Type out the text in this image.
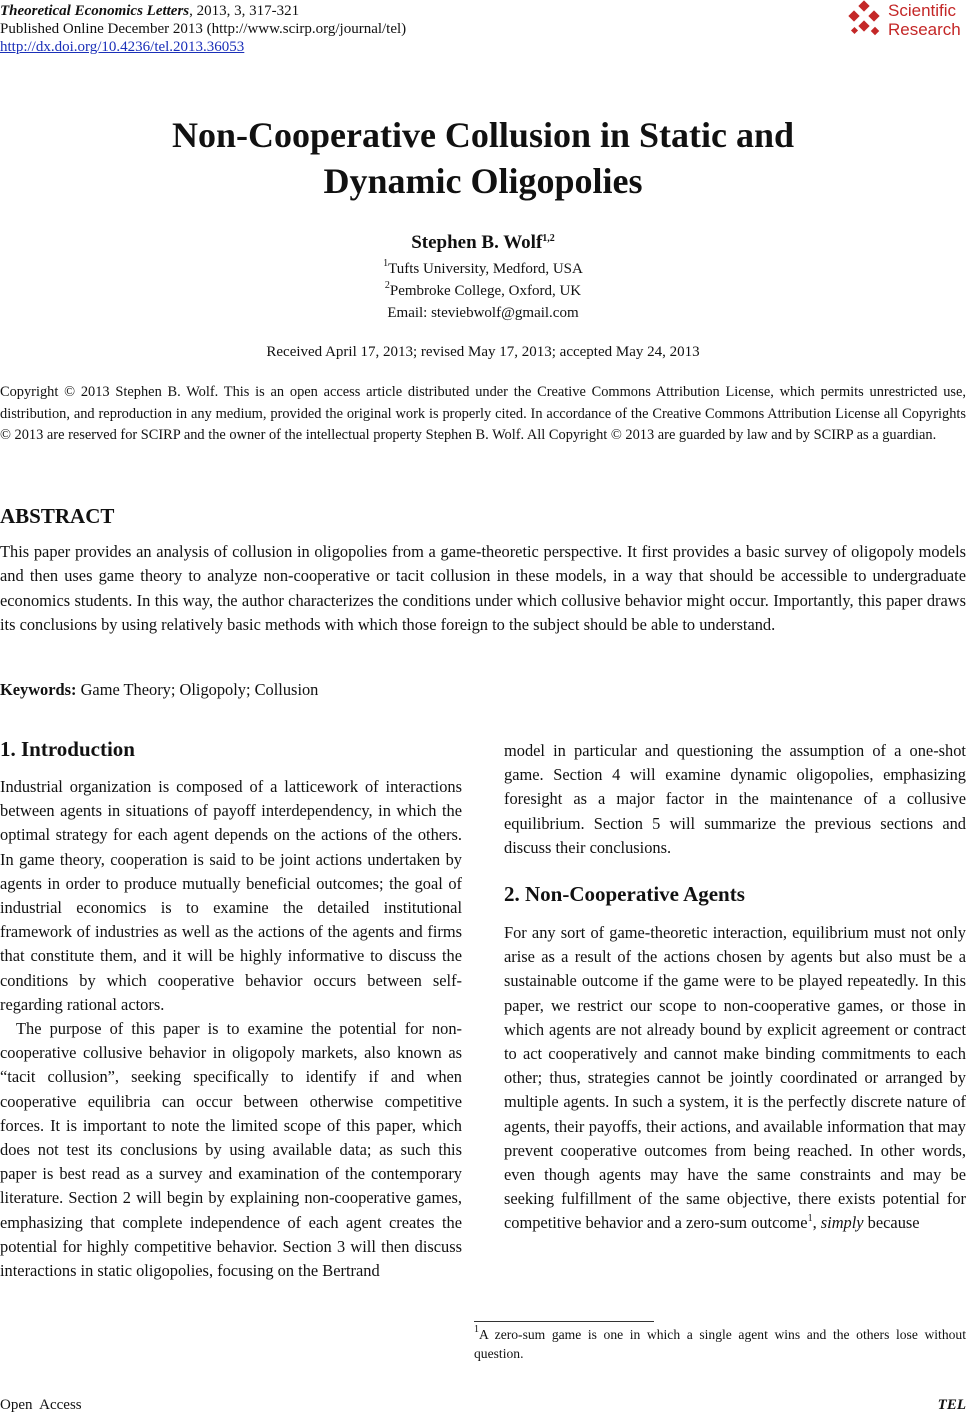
Theoretical Economics Letters, 2013, 3, 317-321
Published Online December 2013 (http://www.scirp.org/journal/tel)
http://dx.doi.org/10.4236/tel.2013.36053
Scientific
Research
Non-Cooperative Collusion in Static and
Dynamic Oligopolies
Stephen B. Wolf$^{1,2}$
$^1$Tufts University, Medford, USA
$^2$Pembroke College, Oxford, UK
Email: steviebwolf@gmail.com
Received April 17, 2013; revised May 17, 2013; accepted May 24, 2013
Copyright © 2013 Stephen B. Wolf. This is an open access article distributed under the Creative Commons Attribution License, which permits unrestricted use, distribution, and reproduction in any medium, provided the original work is properly cited. In accordance of the Creative Commons Attribution License all Copyrights © 2013 are reserved for SCIRP and the owner of the intellectual property Stephen B. Wolf. All Copyright © 2013 are guarded by law and by SCIRP as a guardian.
ABSTRACT
This paper provides an analysis of collusion in oligopolies from a game-theoretic perspective. It first provides a basic survey of oligopoly models and then uses game theory to analyze non-cooperative or tacit collusion in these models, in a way that should be accessible to undergraduate economics students. In this way, the author characterizes the conditions under which collusive behavior might occur. Importantly, this paper draws its conclusions by using relatively basic methods with which those foreign to the subject should be able to understand.
Keywords: Game Theory; Oligopoly; Collusion
1. Introduction

Industrial organization is composed of a latticework of interactions between agents in situations of payoff interdependency, in which the optimal strategy for each agent depends on the actions of the others. In game theory, cooperation is said to be joint actions undertaken by agents in order to produce mutually beneficial outcomes; the goal of industrial economics is to examine the detailed institutional framework of industries as well as the actions of the agents and firms that constitute them, and it will be highly informative to discuss the conditions by which cooperative behavior occurs between self-regarding rational actors.

The purpose of this paper is to examine the potential for non-cooperative collusive behavior in oligopoly markets, also known as “tacit collusion”, seeking specifically to identify if and when cooperative equilibria can occur between otherwise competitive forces. It is important to note the limited scope of this paper, which does not test its conclusions by using available data; as such this paper is best read as a survey and examination of the contemporary literature. Section 2 will begin by explaining non-cooperative games, emphasizing that complete independence of each agent creates the potential for highly competitive behavior. Section 3 will then discuss interactions in static oligopolies, focusing on the Bertrand

model in particular and questioning the assumption of a one-shot game. Section 4 will examine dynamic oligopolies, emphasizing foresight as a major factor in the maintenance of a collusive equilibrium. Section 5 will summarize the previous sections and discuss their conclusions.

2. Non-Cooperative Agents

For any sort of game-theoretic interaction, equilibrium must not only arise as a result of the actions chosen by agents but also must be a sustainable outcome if the game were to be played repeatedly. In this paper, we restrict our scope to non-cooperative games, or those in which agents are not already bound by explicit agreement or contract to act cooperatively and cannot make binding commitments to each other; thus, strategies cannot be jointly coordinated or arranged by multiple agents. In such a system, it is the perfectly discrete nature of agents, their payoffs, their actions, and available information that may prevent cooperative outcomes from being reached. In other words, even though agents may have the same constraints and may be seeking fulfillment of the same objective, there exists potential for competitive behavior and a zero-sum outcome$^1$, simply because

$^1$A zero-sum game is one in which a single agent wins and the others lose without question.
Open  Access	TEL
